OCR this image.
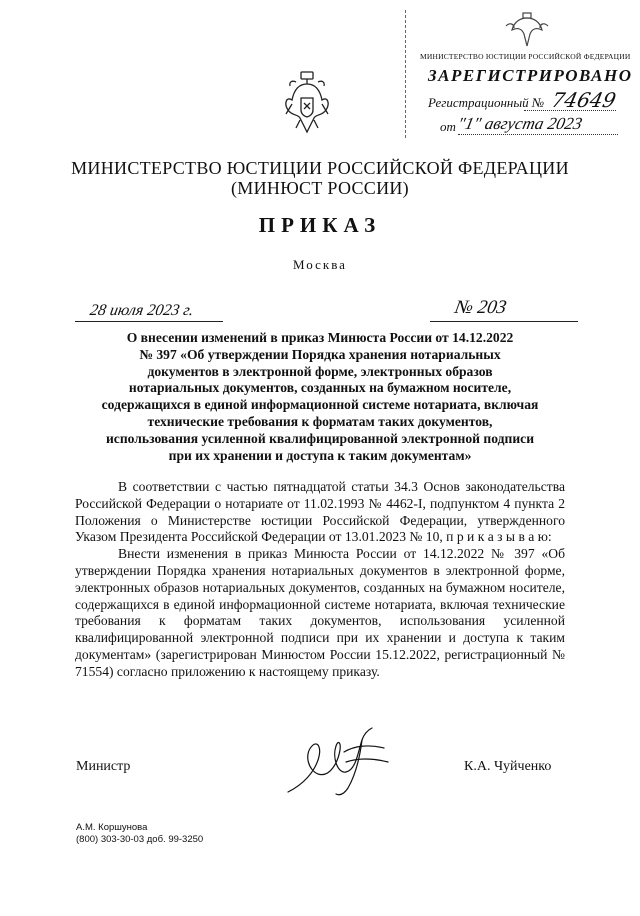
МИНИСТЕРСТВО ЮСТИЦИИ РОССИЙСКОЙ ФЕДЕРАЦИИ
ЗАРЕГИСТРИРОВАНО
Регистрационный № 74649
от "1" августа 2023
МИНИСТЕРСТВО ЮСТИЦИИ РОССИЙСКОЙ ФЕДЕРАЦИИ
(МИНЮСТ РОССИИ)
ПРИКАЗ
Москва
28 июля 2023 г.	№ 203
О внесении изменений в приказ Минюста России от 14.12.2022
№ 397 «Об утверждении Порядка хранения нотариальных
документов в электронной форме, электронных образов
нотариальных документов, созданных на бумажном носителе,
содержащихся в единой информационной системе нотариата, включая
технические требования к форматам таких документов,
использования усиленной квалифицированной электронной подписи
при их хранении и доступа к таким документам»

В соответствии с частью пятнадцатой статьи 34.3 Основ законодательства Российской Федерации о нотариате от 11.02.1993 № 4462-I, подпунктом 4 пункта 2 Положения о Министерстве юстиции Российской Федерации, утвержденного Указом Президента Российской Федерации от 13.01.2023 № 10, п р и к а з ы в а ю:

Внести изменения в приказ Минюста России от 14.12.2022 № 397 «Об утверждении Порядка хранения нотариальных документов в электронной форме, электронных образов нотариальных документов, созданных на бумажном носителе, содержащихся в единой информационной системе нотариата, включая технические требования к форматам таких документов, использования усиленной квалифицированной электронной подписи при их хранении и доступа к таким документам» (зарегистрирован Минюстом России 15.12.2022, регистрационный № 71554) согласно приложению к настоящему приказу.

Министр	К.А. Чуйченко
А.М. Коршунова
(800) 303-30-03 доб. 99-3250
